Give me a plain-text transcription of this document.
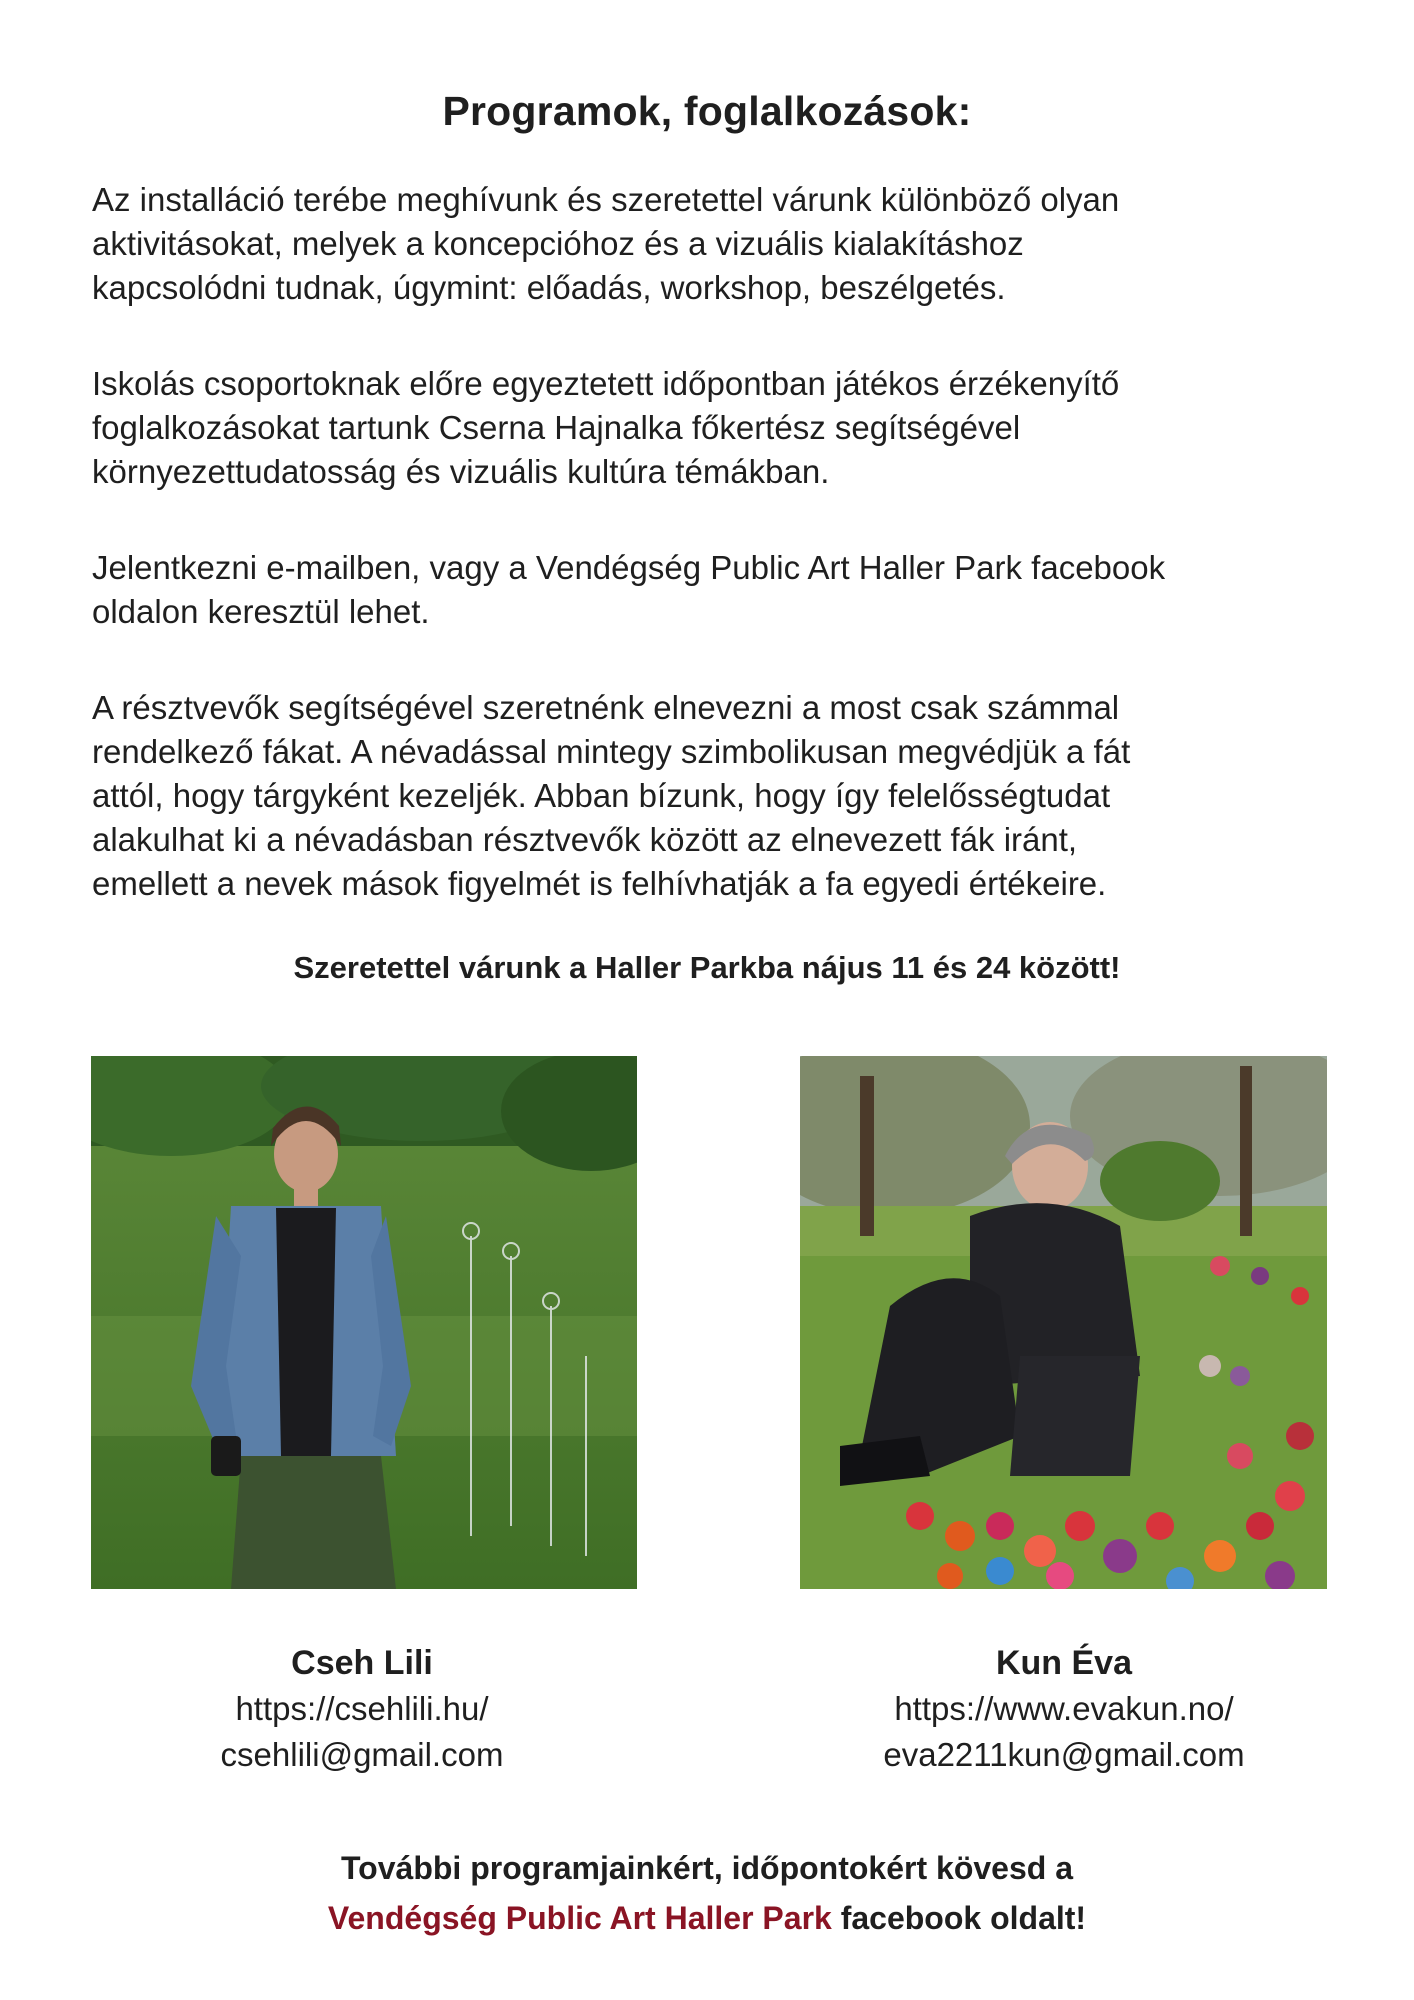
Programok, foglalkozások:
Az installáció terébe meghívunk és szeretettel várunk különböző olyan
aktivitásokat, melyek a koncepcióhoz és a vizuális kialakításhoz
kapcsolódni tudnak, úgymint: előadás, workshop, beszélgetés.
Iskolás csoportoknak előre egyeztetett időpontban játékos érzékenyítő
foglalkozásokat tartunk Cserna Hajnalka főkertész segítségével
környezettudatosság és vizuális kultúra témákban.
Jelentkezni e-mailben, vagy a Vendégség Public Art Haller Park facebook
oldalon keresztül lehet.
A résztvevők segítségével szeretnénk elnevezni a most csak számmal
rendelkező fákat. A névadással mintegy szimbolikusan megvédjük a fát
attól, hogy tárgyként kezeljék. Abban bízunk, hogy így felelősségtudat
alakulhat ki a névadásban résztvevők között az elnevezett fák iránt,
emellett a nevek mások figyelmét is felhívhatják a fa egyedi értékeire.
Szeretettel várunk a Haller Parkba nájus 11 és 24 között!
Cseh Lili
https://csehlili.hu/
csehlili@gmail.com
Kun Éva
https://www.evakun.no/
eva2211kun@gmail.com
További programjainkért, időpontokért kövesd a
Vendégség Public Art Haller Park facebook oldalt!
